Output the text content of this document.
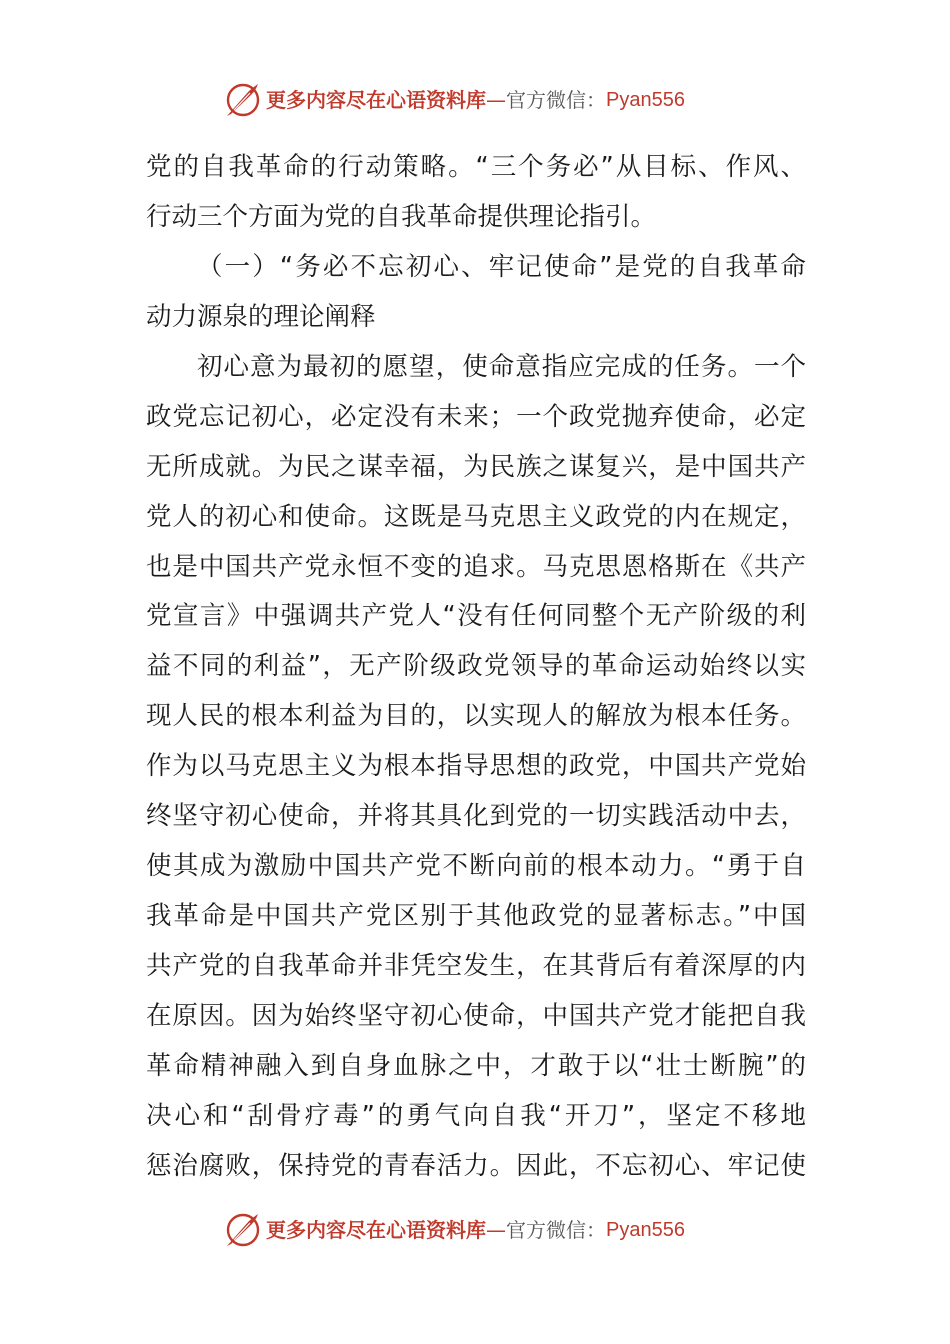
更多内容尽在心语资料库 — 官方微信： Pyan556
党的自我革命的行动策略。“三个务必”从目标、作风、
行动三个方面为党的自我革命提供理论指引。
（一）“务必不忘初心、牢记使命”是党的自我革命
动力源泉的理论阐释
初心意为最初的愿望，使命意指应完成的任务。一个
政党忘记初心，必定没有未来；一个政党抛弃使命，必定
无所成就。为民之谋幸福，为民族之谋复兴，是中国共产
党人的初心和使命。这既是马克思主义政党的内在规定，
也是中国共产党永恒不变的追求。马克思恩格斯在《共产
党宣言》中强调共产党人“没有任何同整个无产阶级的利
益不同的利益”，无产阶级政党领导的革命运动始终以实
现人民的根本利益为目的，以实现人的解放为根本任务。
作为以马克思主义为根本指导思想的政党，中国共产党始
终坚守初心使命，并将其具化到党的一切实践活动中去，
使其成为激励中国共产党不断向前的根本动力。“勇于自
我革命是中国共产党区别于其他政党的显著标志。”中国
共产党的自我革命并非凭空发生，在其背后有着深厚的内
在原因。因为始终坚守初心使命，中国共产党才能把自我
革命精神融入到自身血脉之中，才敢于以“壮士断腕”的
决心和“刮骨疗毒”的勇气向自我“开刀”，坚定不移地
惩治腐败，保持党的青春活力。因此，不忘初心、牢记使
更多内容尽在心语资料库 — 官方微信： Pyan556
